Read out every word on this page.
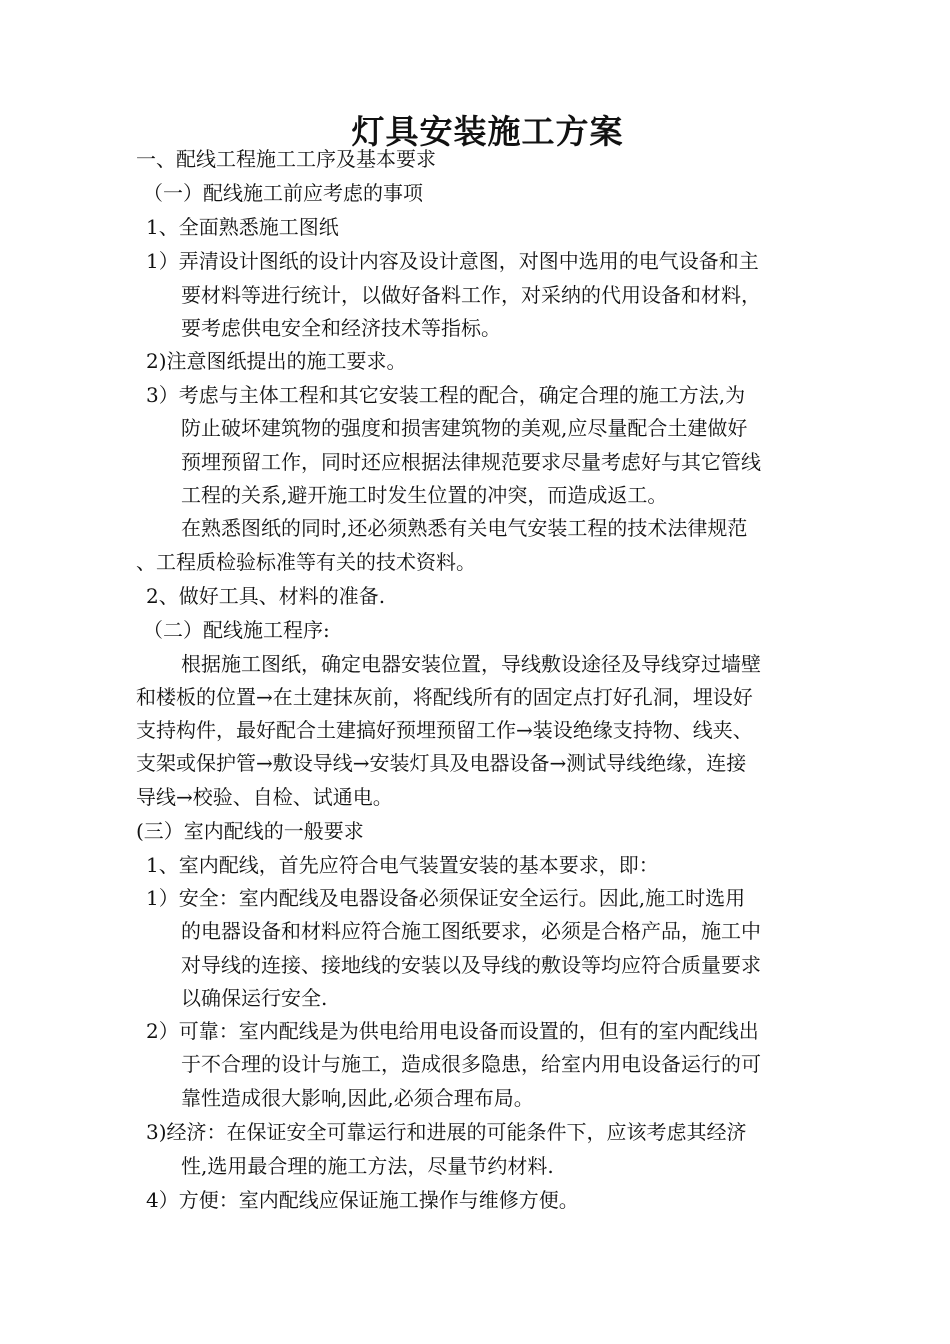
灯具安装施工方案
一、配线工程施工工序及基本要求
（一）配线施工前应考虑的事项
1、全面熟悉施工图纸
1）弄清设计图纸的设计内容及设计意图，对图中选用的电气设备和主
要材料等进行统计，以做好备料工作，对采纳的代用设备和材料，
要考虑供电安全和经济技术等指标。
2)注意图纸提出的施工要求。
3）考虑与主体工程和其它安装工程的配合，确定合理的施工方法,为
防止破坏建筑物的强度和损害建筑物的美观,应尽量配合土建做好
预埋预留工作，同时还应根据法律规范要求尽量考虑好与其它管线
工程的关系,避开施工时发生位置的冲突，而造成返工。
在熟悉图纸的同时,还必须熟悉有关电气安装工程的技术法律规范
、工程质检验标准等有关的技术资料。
2、做好工具、材料的准备.
（二）配线施工程序:
根据施工图纸，确定电器安装位置，导线敷设途径及导线穿过墙壁
和楼板的位置→在土建抹灰前，将配线所有的固定点打好孔洞，埋设好
支持构件，最好配合土建搞好预埋预留工作→装设绝缘支持物、线夹、
支架或保护管→敷设导线→安装灯具及电器设备→测试导线绝缘，连接
导线→校验、自检、试通电。
(三）室内配线的一般要求
1、室内配线，首先应符合电气装置安装的基本要求，即：
1）安全：室内配线及电器设备必须保证安全运行。因此,施工时选用
的电器设备和材料应符合施工图纸要求，必须是合格产品，施工中
对导线的连接、接地线的安装以及导线的敷设等均应符合质量要求
以确保运行安全.
2）可靠：室内配线是为供电给用电设备而设置的，但有的室内配线出
于不合理的设计与施工，造成很多隐患，给室内用电设备运行的可
靠性造成很大影响,因此,必须合理布局。
3)经济：在保证安全可靠运行和进展的可能条件下，应该考虑其经济
性,选用最合理的施工方法，尽量节约材料.
4）方便：室内配线应保证施工操作与维修方便。
